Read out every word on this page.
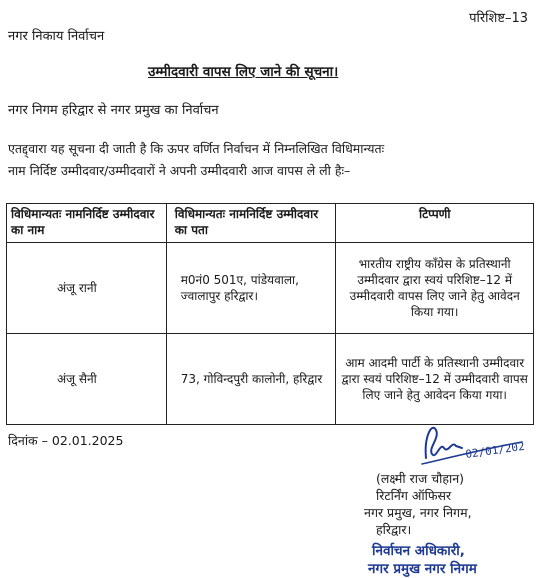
परिशिष्ट–13
नगर निकाय निर्वाचन
उम्मीदवारी वापस लिए जाने की सूचना।
नगर निगम हरिद्वार से नगर प्रमुख का निर्वाचन
एतद्द्वारा यह सूचना दी जाती है कि ऊपर वर्णित निर्वाचन में निम्नलिखित विधिमान्यतः
नाम निर्दिष्ट उम्मीदवार/उम्मीदवारों ने अपनी उम्मीदवारी आज वापस ले ली हैः–
विधिमान्यतः नामनिर्दिष्ट उम्मीदवार का नाम	विधिमान्यतः नामनिर्दिष्ट उम्मीदवार का पता	टिप्पणी
अंजू रानी	म0नं0 501ए, पांडेयवाला, ज्वालापुर हरिद्वार।	भारतीय राष्ट्रीय कॉंग्रेस के प्रतिस्थानी उम्मीदवार द्वारा स्वयं परिशिष्ट–12 में उम्मीदवारी वापस लिए जाने हेतु आवेदन किया गया।
अंजू सैनी	73, गोविन्दपुरी कालोनी, हरिद्वार	आम आदमी पार्टी के प्रतिस्थानी उम्मीदवार द्वारा स्वयं परिशिष्ट–12 में उम्मीदवारी वापस लिए जाने हेतु आवेदन किया गया।
दिनांक – 02.01.2025	02/01/202
(लक्ष्मी राज चौहान)
रिटर्निंग ऑफिसर
नगर प्रमुख, नगर निगम,
हरिद्वार।
निर्वाचन अधिकारी,
नगर प्रमुख नगर निगम
